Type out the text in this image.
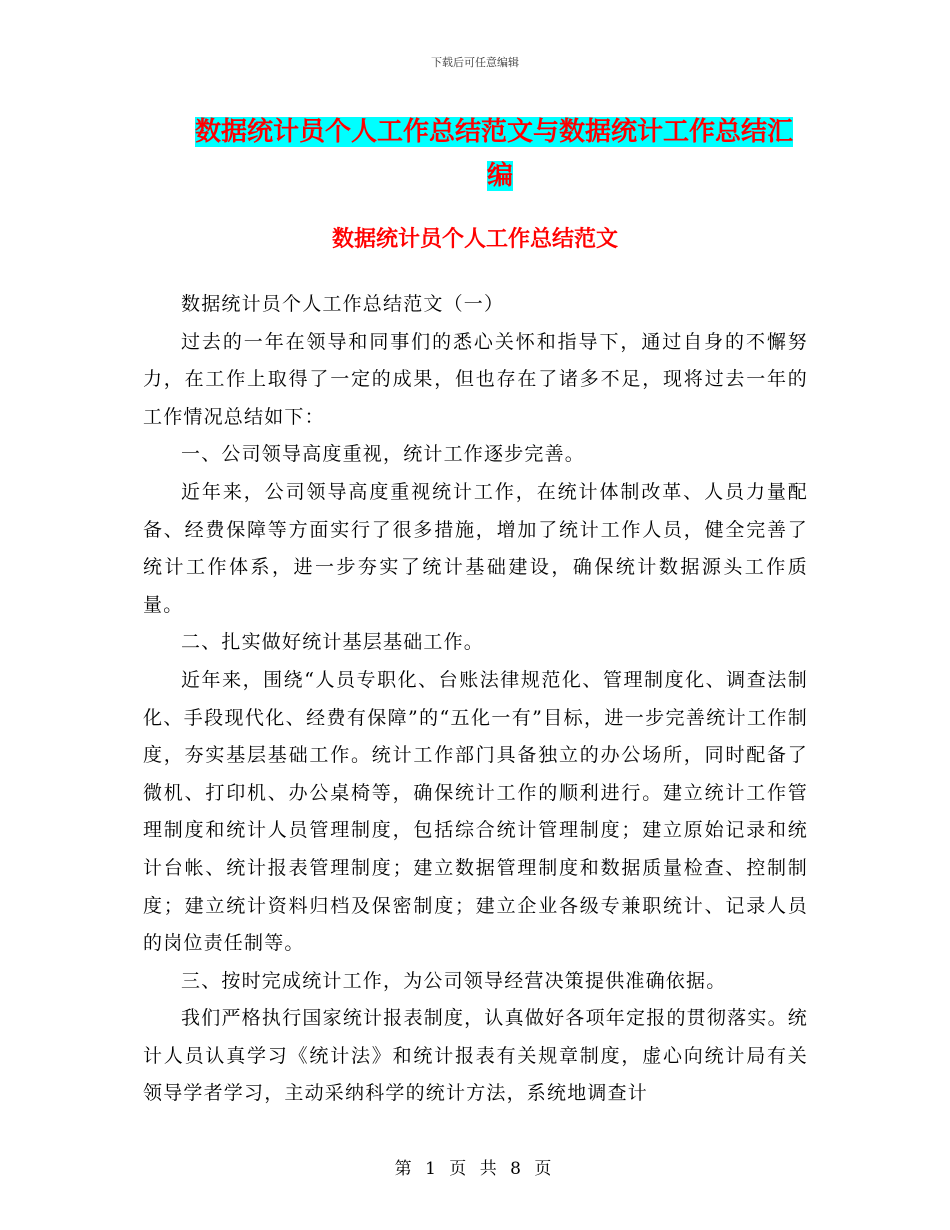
下载后可任意编辑
数据统计员个人工作总结范文与数据统计工作总结汇
编
数据统计员个人工作总结范文

数据统计员个人工作总结范文（一）

过去的一年在领导和同事们的悉心关怀和指导下，通过自身的不懈努力，在工作上取得了一定的成果，但也存在了诸多不足，现将过去一年的工作情况总结如下：

一、公司领导高度重视，统计工作逐步完善。

近年来，公司领导高度重视统计工作，在统计体制改革、人员力量配备、经费保障等方面实行了很多措施，增加了统计工作人员，健全完善了统计工作体系，进一步夯实了统计基础建设，确保统计数据源头工作质量。

二、扎实做好统计基层基础工作。

近年来，围绕“人员专职化、台账法律规范化、管理制度化、调查法制化、手段现代化、经费有保障”的“五化一有”目标，进一步完善统计工作制度，夯实基层基础工作。统计工作部门具备独立的办公场所，同时配备了微机、打印机、办公桌椅等，确保统计工作的顺利进行。建立统计工作管理制度和统计人员管理制度，包括综合统计管理制度；建立原始记录和统计台帐、统计报表管理制度；建立数据管理制度和数据质量检查、控制制度；建立统计资料归档及保密制度；建立企业各级专兼职统计、记录人员的岗位责任制等。

三、按时完成统计工作，为公司领导经营决策提供准确依据。

我们严格执行国家统计报表制度，认真做好各项年定报的贯彻落实。统计人员认真学习《统计法》和统计报表有关规章制度，虚心向统计局有关领导学者学习，主动采纳科学的统计方法，系统地调查计

第 1 页 共 8 页
